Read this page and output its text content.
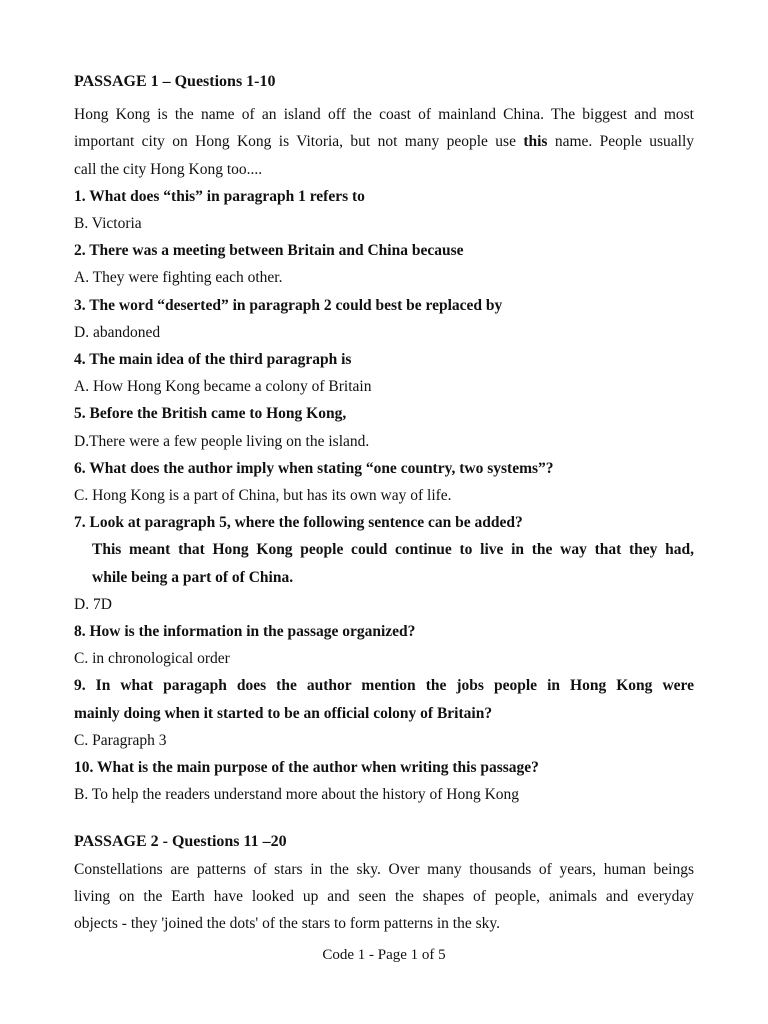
PASSAGE 1 – Questions 1-10
Hong Kong is the name of an island off the coast of mainland China. The biggest and most
important city on Hong Kong is Vitoria, but not many people use this name. People usually
call the city Hong Kong too....
1. What does “this” in paragraph 1 refers to
B. Victoria
2. There was a meeting between Britain and China because
A. They were fighting each other.
3. The word “deserted” in paragraph 2 could best be replaced by
D. abandoned
4. The main idea of the third paragraph is
A. How Hong Kong became a colony of Britain
5. Before the British came to Hong Kong,
D.There were a few people living on the island.
6. What does the author imply when stating “one country, two systems”?
C. Hong Kong is a part of China, but has its own way of life.
7. Look at paragraph 5, where the following sentence can be added?
This meant that Hong Kong people could continue to live in the way that they had,
while being a part of of China.
D. 7D
8. How is the information in the passage organized?
C. in chronological order
9. In what paragaph does the author mention the jobs people in Hong Kong were
mainly doing when it started to be an official colony of Britain?
C. Paragraph 3
10. What is the main purpose of the author when writing this passage?
B. To help the readers understand more about the history of Hong Kong
PASSAGE 2 - Questions 11 –20
Constellations are patterns of stars in the sky. Over many thousands of years, human beings
living on the Earth have looked up and seen the shapes of people, animals and everyday
objects - they 'joined the dots' of the stars to form patterns in the sky.
Code 1 - Page 1 of 5
